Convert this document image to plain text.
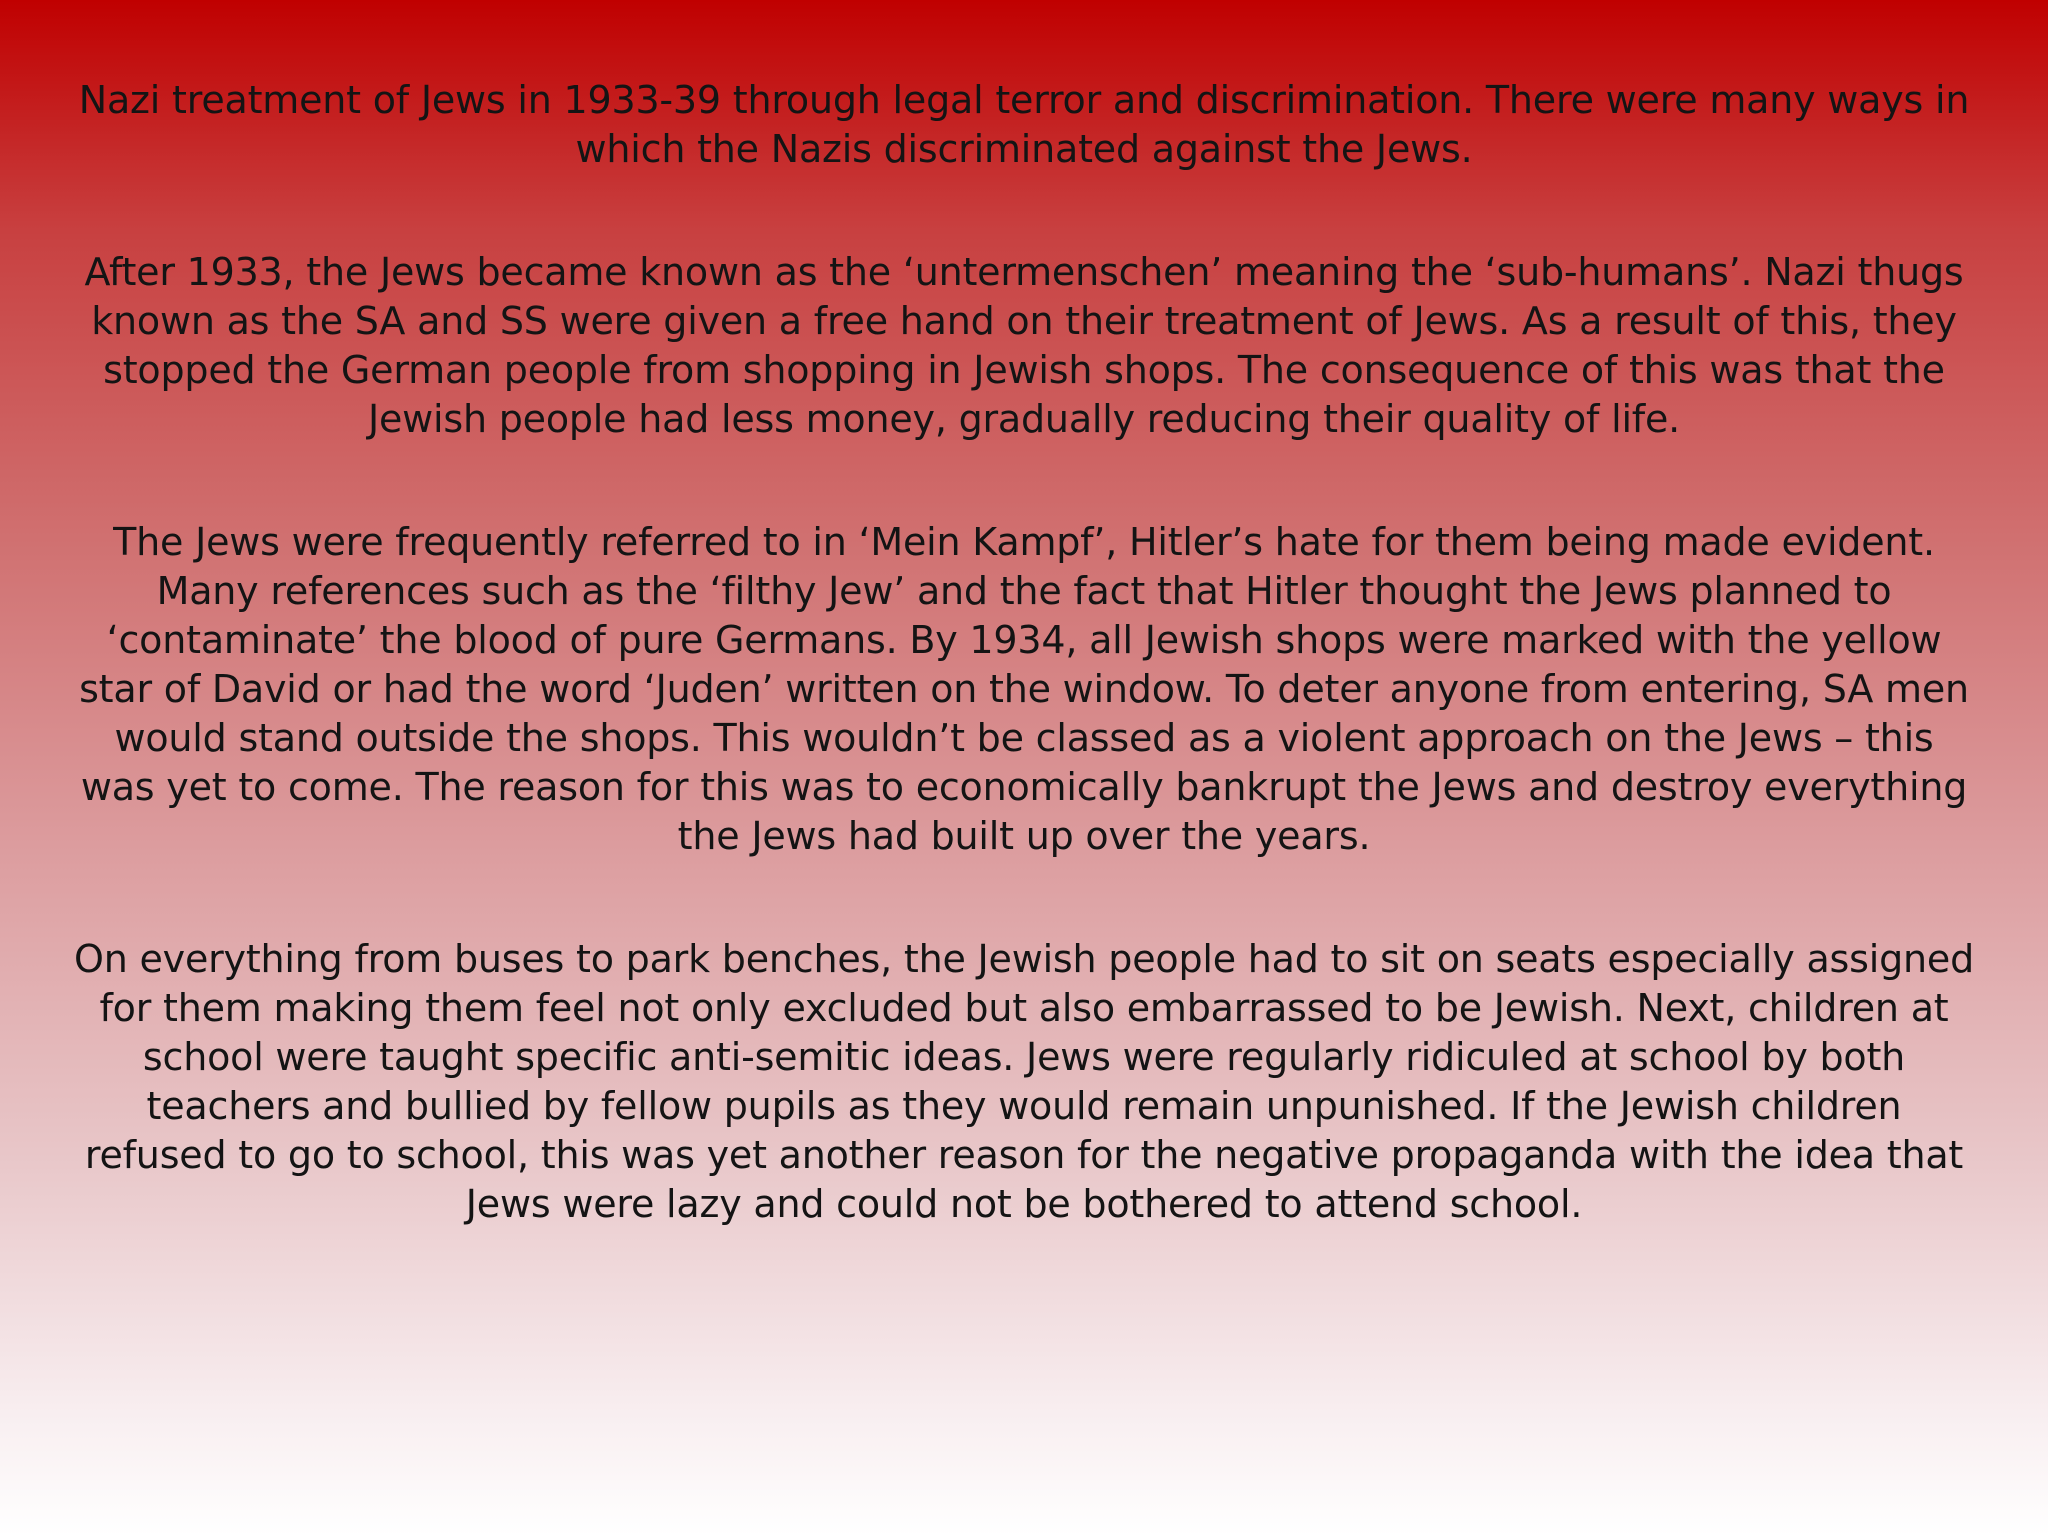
Nazi treatment of Jews in 1933-39 through legal terror and discrimination. There were many ways in which the Nazis discriminated against the Jews.

After 1933, the Jews became known as the ‘untermenschen’ meaning the ‘sub-humans’. Nazi thugs known as the SA and SS were given a free hand on their treatment of Jews. As a result of this, they stopped the German people from shopping in Jewish shops. The consequence of this was that the Jewish people had less money, gradually reducing their quality of life.

The Jews were frequently referred to in ‘Mein Kampf’, Hitler’s hate for them being made evident. Many references such as the ‘filthy Jew’ and the fact that Hitler thought the Jews planned to ‘contaminate’ the blood of pure Germans. By 1934, all Jewish shops were marked with the yellow star of David or had the word ‘Juden’ written on the window. To deter anyone from entering, SA men would stand outside the shops. This wouldn’t be classed as a violent approach on the Jews – this was yet to come. The reason for this was to economically bankrupt the Jews and destroy everything the Jews had built up over the years.

On everything from buses to park benches, the Jewish people had to sit on seats especially assigned for them making them feel not only excluded but also embarrassed to be Jewish. Next, children at school were taught specific anti-semitic ideas. Jews were regularly ridiculed at school by both teachers and bullied by fellow pupils as they would remain unpunished. If the Jewish children refused to go to school, this was yet another reason for the negative propaganda with the idea that Jews were lazy and could not be bothered to attend school.
